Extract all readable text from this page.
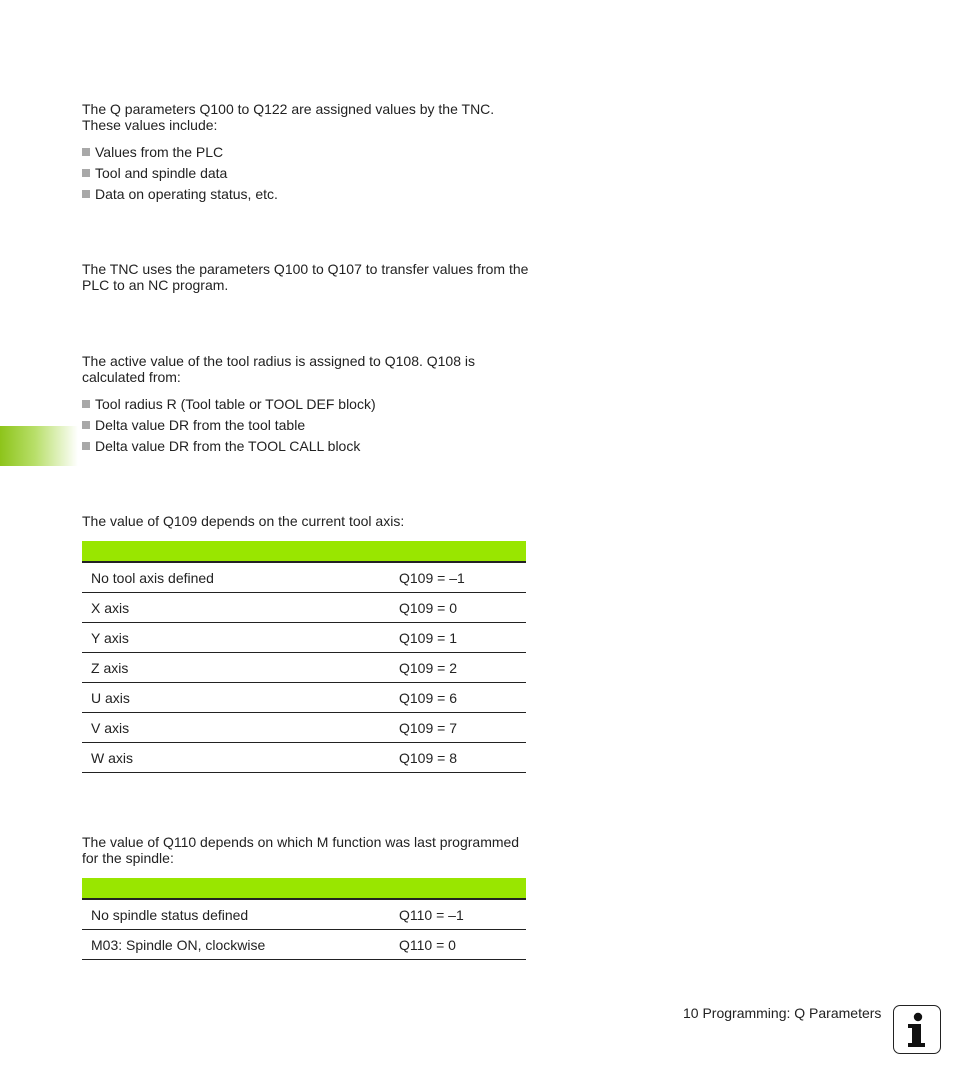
The Q parameters Q100 to Q122 are assigned values by the TNC. These values include:

Values from the PLC
Tool and spindle data
Data on operating status, etc.

The TNC uses the parameters Q100 to Q107 to transfer values from the PLC to an NC program.

The active value of the tool radius is assigned to Q108. Q108 is calculated from:

Tool radius R (Tool table or TOOL DEF block)
Delta value DR from the tool table
Delta value DR from the TOOL CALL block

The value of Q109 depends on the current tool axis:

No tool axis defined	Q109 = –1
X axis	Q109 = 0
Y axis	Q109 = 1
Z axis	Q109 = 2
U axis	Q109 = 6
V axis	Q109 = 7
W axis	Q109 = 8

The value of Q110 depends on which M function was last programmed for the spindle:

No spindle status defined	Q110 = –1
M03: Spindle ON, clockwise	Q110 = 0
10 Programming: Q Parameters
